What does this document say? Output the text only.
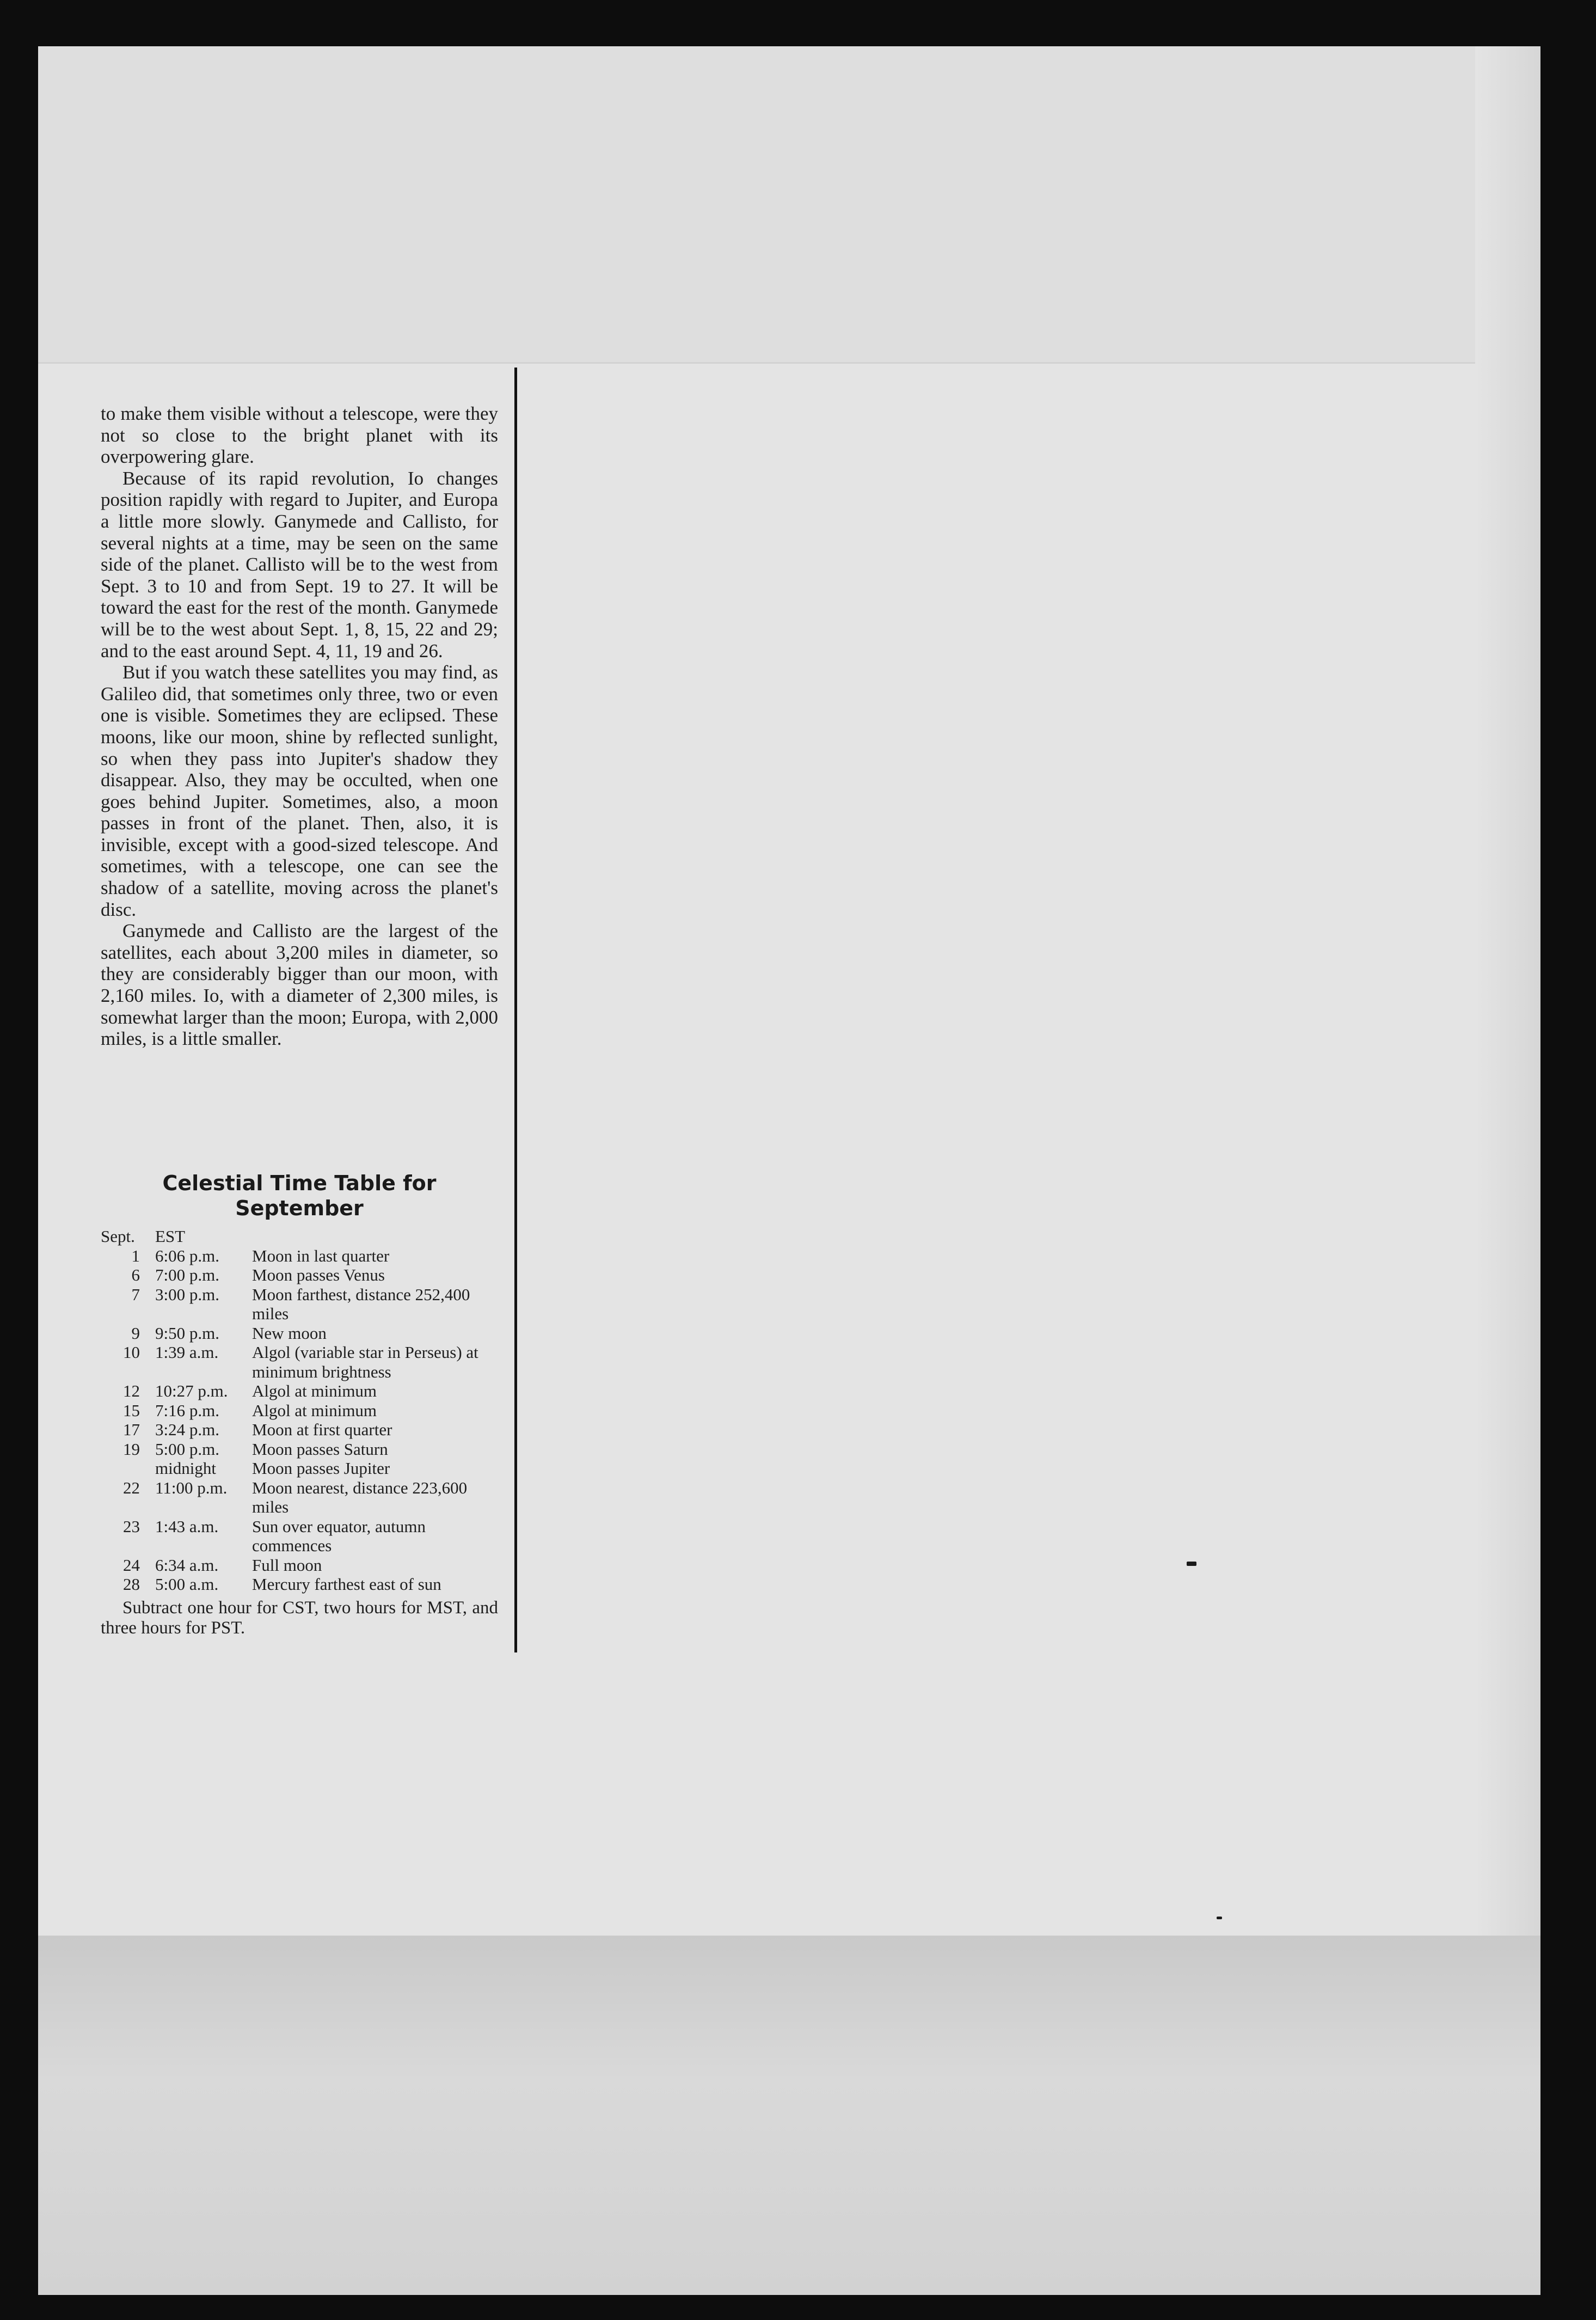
to make them visible without a telescope, were they not so close to the bright planet with its overpowering glare.

Because of its rapid revolution, Io changes position rapidly with regard to Jupiter, and Europa a little more slowly. Ganymede and Callisto, for several nights at a time, may be seen on the same side of the planet. Callisto will be to the west from Sept. 3 to 10 and from Sept. 19 to 27. It will be toward the east for the rest of the month. Ganymede will be to the west about Sept. 1, 8, 15, 22 and 29; and to the east around Sept. 4, 11, 19 and 26.

But if you watch these satellites you may find, as Galileo did, that sometimes only three, two or even one is visible. Sometimes they are eclipsed. These moons, like our moon, shine by reflected sunlight, so when they pass into Jupiter's shadow they disappear. Also, they may be occulted, when one goes behind Jupiter. Sometimes, also, a moon passes in front of the planet. Then, also, it is invisible, except with a good-sized telescope. And sometimes, with a telescope, one can see the shadow of a satellite, moving across the planet's disc.

Ganymede and Callisto are the largest of the satellites, each about 3,200 miles in diameter, so they are considerably bigger than our moon, with 2,160 miles. Io, with a diameter of 2,300 miles, is somewhat larger than the moon; Europa, with 2,000 miles, is a little smaller.

Celestial Time Table for September
Sept.	EST	
1	6:06 p.m.	Moon in last quarter
6	7:00 p.m.	Moon passes Venus
7	3:00 p.m.	Moon farthest, distance 252,400 miles
9	9:50 p.m.	New moon
10	1:39 a.m.	Algol (variable star in Perseus) at minimum brightness
12	10:27 p.m.	Algol at minimum
15	7:16 p.m.	Algol at minimum
17	3:24 p.m.	Moon at first quarter
19	5:00 p.m.	Moon passes Saturn
	midnight	Moon passes Jupiter
22	11:00 p.m.	Moon nearest, distance 223,600 miles
23	1:43 a.m.	Sun over equator, autumn commences
24	6:34 a.m.	Full moon
28	5:00 a.m.	Mercury farthest east of sun

Subtract one hour for CST, two hours for MST, and three hours for PST.
